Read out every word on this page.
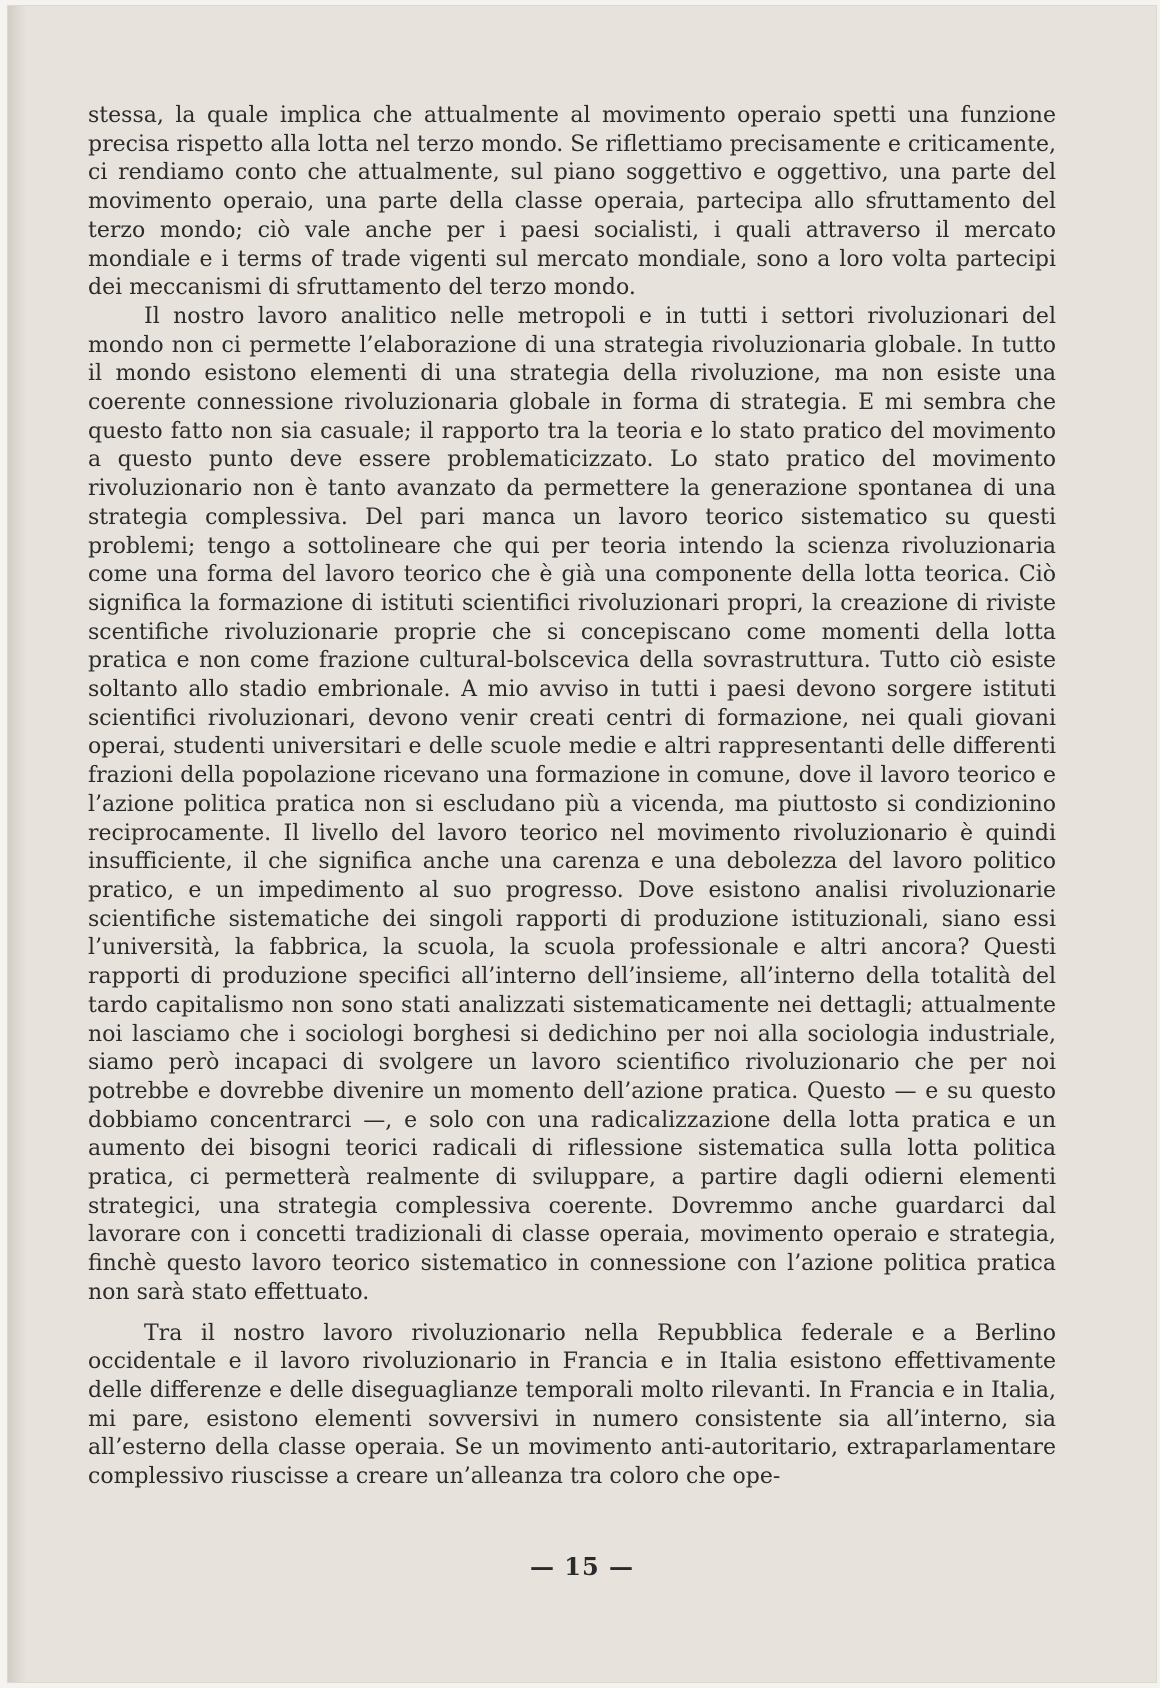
stessa, la quale implica che attualmente al movimento operaio spetti una funzione precisa rispetto alla lotta nel terzo mondo. Se riflettiamo precisamente e criticamente, ci rendiamo conto che attualmente, sul piano soggettivo e oggettivo, una parte del movimento operaio, una parte della classe operaia, partecipa allo sfruttamento del terzo mondo; ciò vale anche per i paesi socialisti, i quali attraverso il mercato mondiale e i terms of trade vigenti sul mercato mondiale, sono a loro volta partecipi dei meccanismi di sfruttamento del terzo mondo.

Il nostro lavoro analitico nelle metropoli e in tutti i settori rivoluzionari del mondo non ci permette l’elaborazione di una strategia rivoluzionaria globale. In tutto il mondo esistono elementi di una strategia della rivoluzione, ma non esiste una coerente connessione rivoluzionaria globale in forma di strategia. E mi sembra che questo fatto non sia casuale; il rapporto tra la teoria e lo stato pratico del movimento a questo punto deve essere problematicizzato. Lo stato pratico del movimento rivoluzionario non è tanto avanzato da permettere la generazione spontanea di una strategia complessiva. Del pari manca un lavoro teorico sistematico su questi problemi; tengo a sottolineare che qui per teoria intendo la scienza rivoluzionaria come una forma del lavoro teorico che è già una componente della lotta teorica. Ciò significa la formazione di istituti scientifici rivoluzionari propri, la creazione di riviste scentifiche rivoluzionarie proprie che si concepiscano come momenti della lotta pratica e non come frazione cultural-bolscevica della sovrastruttura. Tutto ciò esiste soltanto allo stadio embrionale. A mio avviso in tutti i paesi devono sorgere istituti scientifici rivoluzionari, devono venir creati centri di formazione, nei quali giovani operai, studenti universitari e delle scuole medie e altri rappresentanti delle differenti frazioni della popolazione ricevano una formazione in comune, dove il lavoro teorico e l’azione politica pratica non si escludano più a vicenda, ma piuttosto si condizionino reciprocamente. Il livello del lavoro teorico nel movimento rivoluzionario è quindi insufficiente, il che significa anche una carenza e una debolezza del lavoro politico pratico, e un impedimento al suo progresso. Dove esistono analisi rivoluzionarie scientifiche sistematiche dei singoli rapporti di produzione istituzionali, siano essi l’università, la fabbrica, la scuola, la scuola professionale e altri ancora? Questi rapporti di produzione specifici all’interno dell’insieme, all’interno della totalità del tardo capitalismo non sono stati analizzati sistematicamente nei dettagli; attualmente noi lasciamo che i sociologi borghesi si dedichino per noi alla sociologia industriale, siamo però incapaci di svolgere un lavoro scientifico rivoluzionario che per noi potrebbe e dovrebbe divenire un momento dell’azione pratica. Questo — e su questo dobbiamo concentrarci —, e solo con una radicalizzazione della lotta pratica e un aumento dei bisogni teorici radicali di riflessione sistematica sulla lotta politica pratica, ci permetterà realmente di sviluppare, a partire dagli odierni elementi strategici, una strategia complessiva coerente. Dovremmo anche guardarci dal lavorare con i concetti tradizionali di classe operaia, movimento operaio e strategia, finchè questo lavoro teorico sistematico in connessione con l’azione politica pratica non sarà stato effettuato.

Tra il nostro lavoro rivoluzionario nella Repubblica federale e a Berlino occidentale e il lavoro rivoluzionario in Francia e in Italia esistono effettivamente delle differenze e delle diseguaglianze temporali molto rilevanti. In Francia e in Italia, mi pare, esistono elementi sovversivi in numero consistente sia all’interno, sia all’esterno della classe operaia. Se un movimento anti-autoritario, extraparlamentare complessivo riuscisse a creare un’alleanza tra coloro che ope-

— 15 —
